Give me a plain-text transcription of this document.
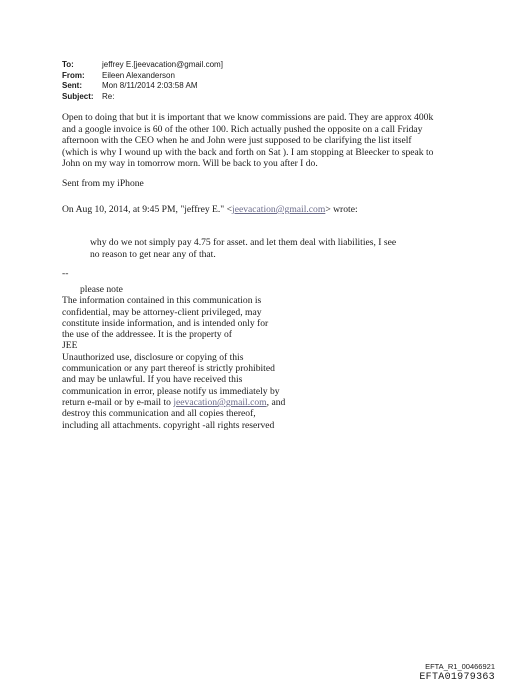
To:	jeffrey E.[jeevacation@gmail.com]
From:	Eileen Alexanderson
Sent:	Mon 8/11/2014 2:03:58 AM
Subject:	Re:
Open to doing that but it is important that we know commissions are paid. They are approx 400k
and a google invoice is 60 of the other 100. Rich actually pushed the opposite on a call Friday
afternoon with the CEO when he and John were just supposed to be clarifying the list itself
(which is why I wound up with the back and forth on Sat ). I am stopping at Bleecker to speak to
John on my way in tomorrow morn. Will be back to you after I do.
Sent from my iPhone
On Aug 10, 2014, at 9:45 PM, "jeffrey E." <jeevacation@gmail.com> wrote:
why do we not simply pay 4.75 for asset. and let them deal with liabilities, I see
no reason to get near any of that.
--
please note
The information contained in this communication is
confidential, may be attorney-client privileged, may
constitute inside information, and is intended only for
the use of the addressee. It is the property of
JEE
Unauthorized use, disclosure or copying of this
communication or any part thereof is strictly prohibited
and may be unlawful. If you have received this
communication in error, please notify us immediately by
return e-mail or by e-mail to jeevacation@gmail.com, and
destroy this communication and all copies thereof,
including all attachments. copyright -all rights reserved
EFTA_R1_00466921
EFTA01979363
